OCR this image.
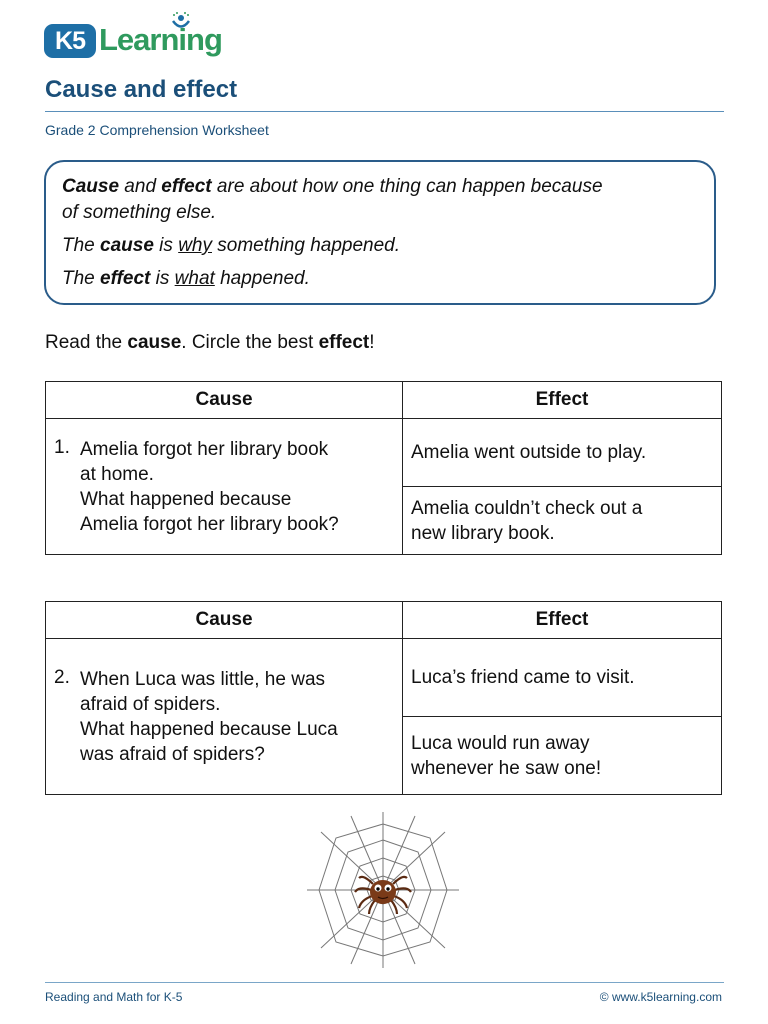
K5 Learning
Cause and effect
Grade 2 Comprehension Worksheet

Cause and effect are about how one thing can happen because

of something else.

The cause is why something happened.

The effect is what happened.

Read the cause. Circle the best effect!
Cause	Effect
1. Amelia forgot her library book
at home.
What happened because
Amelia forgot her library book?	Amelia went outside to play.
	Amelia couldn’t check out a
new library book.
Cause	Effect
2. When Luca was little, he was
afraid of spiders.
What happened because Luca
was afraid of spiders?	Luca’s friend came to visit.
	Luca would run away
whenever he saw one!
Reading and Math for K-5	© www.k5learning.com
